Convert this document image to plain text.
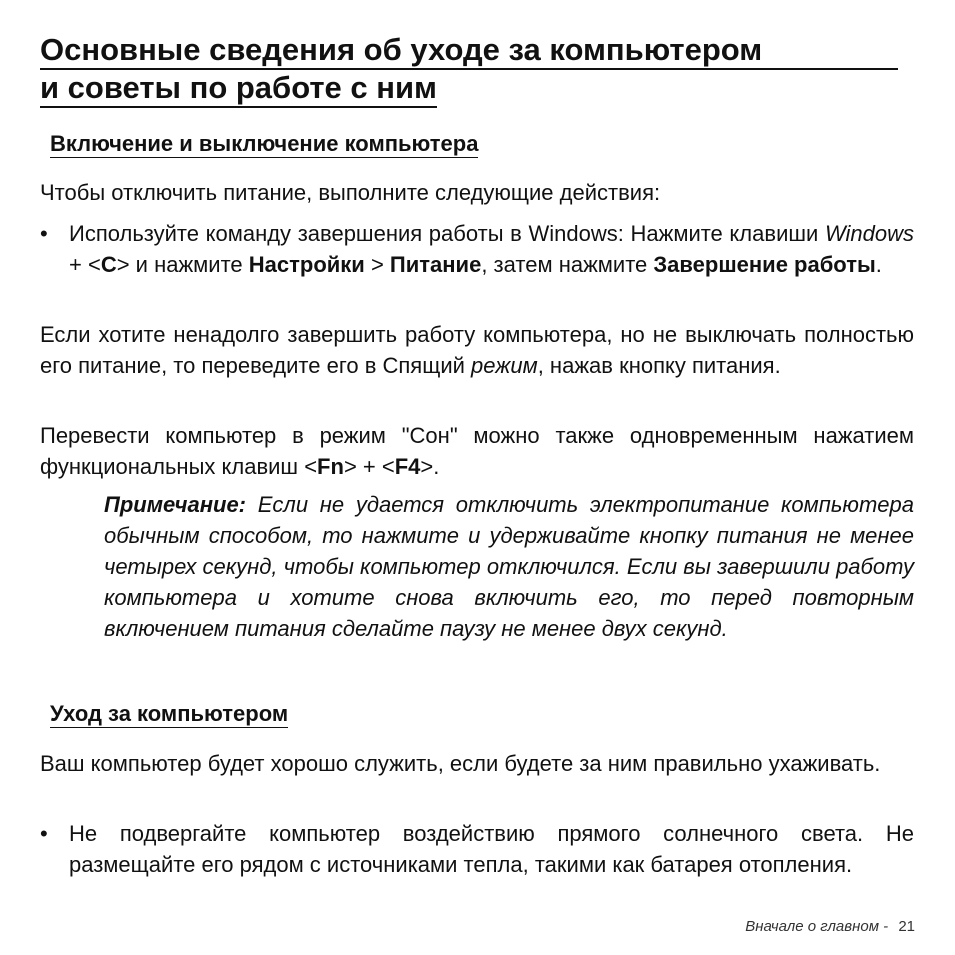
Основные сведения об уходе за компьютером
и советы по работе с ним
Включение и выключение компьютера

Чтобы отключить питание, выполните следующие действия:

• Используйте команду завершения работы в Windows: Нажмите клавиши Windows + <C> и нажмите Настройки > Питание, затем нажмите Завершение работы.

Если хотите ненадолго завершить работу компьютера, но не выключать полностью его питание, то переведите его в Спящий режим, нажав кнопку питания.

Перевести компьютер в режим "Сон" можно также одновременным нажатием функциональных клавиш <Fn> + <F4>.

Примечание: Если не удается отключить электропитание компьютера обычным способом, то нажмите и удерживайте кнопку питания не менее четырех секунд, чтобы компьютер отключился. Если вы завершили работу компьютера и хотите снова включить его, то перед повторным включением питания сделайте паузу не менее двух секунд.

Уход за компьютером

Ваш компьютер будет хорошо служить, если будете за ним правильно ухаживать.

• Не подвергайте компьютер воздействию прямого солнечного света. Не размещайте его рядом с источниками тепла, такими как батарея отопления.
Вначале о главном - 21
